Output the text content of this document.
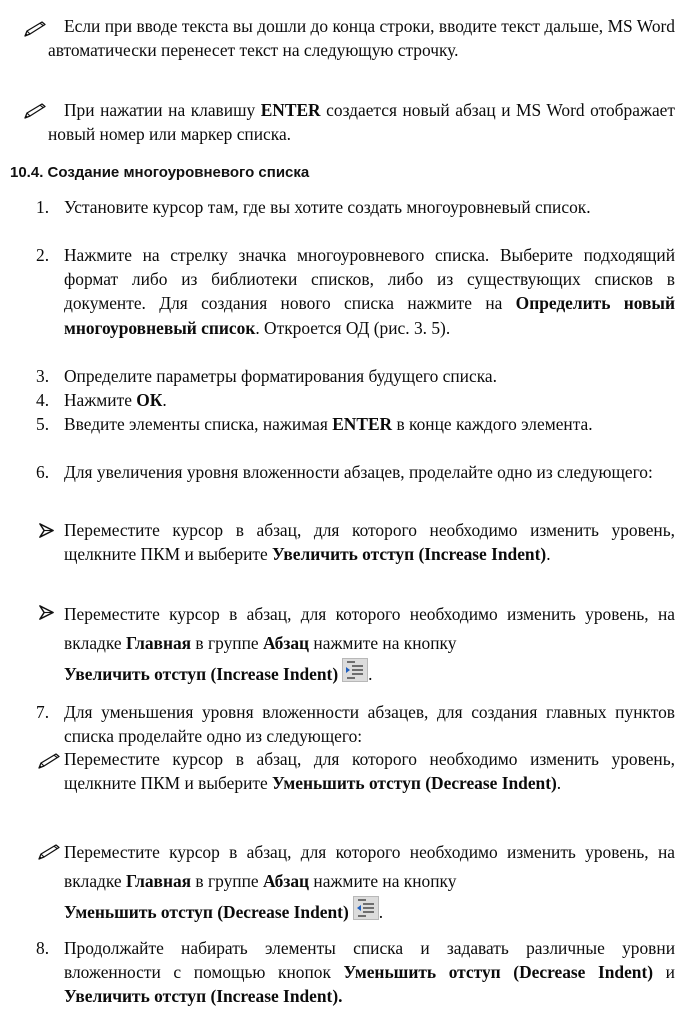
Если при вводе текста вы дошли до конца строки, вводите текст дальше, MS Word автоматически перенесет текст на следующую строчку.
При нажатии на клавишу ENTER создается новый абзац и MS Word отображает новый номер или маркер списка.
10.4. Создание многоуровневого списка
1. Установите курсор там, где вы хотите создать многоуровневый список.
2. Нажмите на стрелку значка многоуровневого списка. Выберите подходящий формат либо из библиотеки списков, либо из существующих списков в документе. Для создания нового списка нажмите на Определить новый многоуровневый список. Откроется ОД (рис. 3. 5).
3. Определите параметры форматирования будущего списка.
4. Нажмите ОК.
5. Введите элементы списка, нажимая ENTER в конце каждого элемента.
6. Для увеличения уровня вложенности абзацев, проделайте одно из следующего:
Переместите курсор в абзац, для которого необходимо изменить уровень, щелкните ПКМ и выберите Увеличить отступ (Increase Indent).
Переместите курсор в абзац, для которого необходимо изменить уровень, на вкладке Главная в группе Абзац нажмите на кнопку
Увеличить отступ (Increase Indent) .
7. Для уменьшения уровня вложенности абзацев, для создания главных пунктов списка проделайте одно из следующего:
Переместите курсор в абзац, для которого необходимо изменить уровень, щелкните ПКМ и выберите Уменьшить отступ (Decrease Indent).
Переместите курсор в абзац, для которого необходимо изменить уровень, на вкладке Главная в группе Абзац нажмите на кнопку
Уменьшить отступ (Decrease Indent) .
8. Продолжайте набирать элементы списка и задавать различные уровни вложенности с помощью кнопок Уменьшить отступ (Decrease Indent) и Увеличить отступ (Increase Indent).
